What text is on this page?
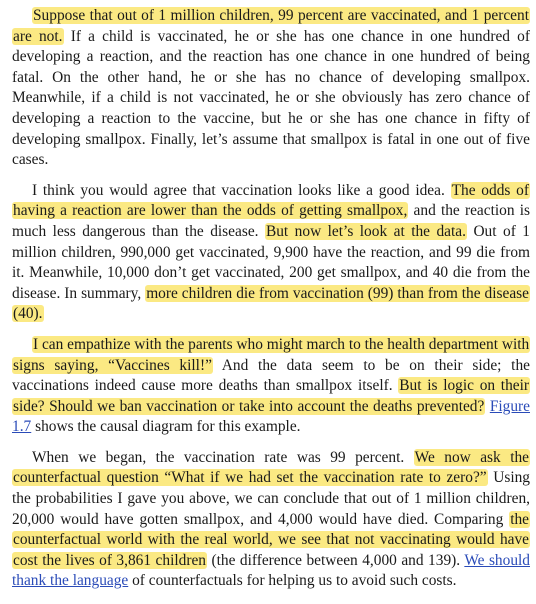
Suppose that out of 1 million children, 99 percent are vaccinated, and 1 percent are not. If a child is vaccinated, he or she has one chance in one hundred of developing a reaction, and the reaction has one chance in one hundred of being fatal. On the other hand, he or she has no chance of developing smallpox. Meanwhile, if a child is not vaccinated, he or she obviously has zero chance of developing a reaction to the vaccine, but he or she has one chance in fifty of developing smallpox. Finally, let’s assume that smallpox is fatal in one out of five cases.

I think you would agree that vaccination looks like a good idea. The odds of having a reaction are lower than the odds of getting smallpox, and the reaction is much less dangerous than the disease. But now let’s look at the data. Out of 1 million children, 990,000 get vaccinated, 9,900 have the reaction, and 99 die from it. Meanwhile, 10,000 don’t get vaccinated, 200 get smallpox, and 40 die from the disease. In summary, more children die from vaccination (99) than from the disease (40).

I can empathize with the parents who might march to the health department with signs saying, “Vaccines kill!” And the data seem to be on their side; the vaccinations indeed cause more deaths than smallpox itself. But is logic on their side? Should we ban vaccination or take into account the deaths prevented? Figure 1.7 shows the causal diagram for this example.

When we began, the vaccination rate was 99 percent. We now ask the counterfactual question “What if we had set the vaccination rate to zero?” Using the probabilities I gave you above, we can conclude that out of 1 million children, 20,000 would have gotten smallpox, and 4,000 would have died. Comparing the counterfactual world with the real world, we see that not vaccinating would have cost the lives of 3,861 children (the difference between 4,000 and 139). We should thank the language of counterfactuals for helping us to avoid such costs.
